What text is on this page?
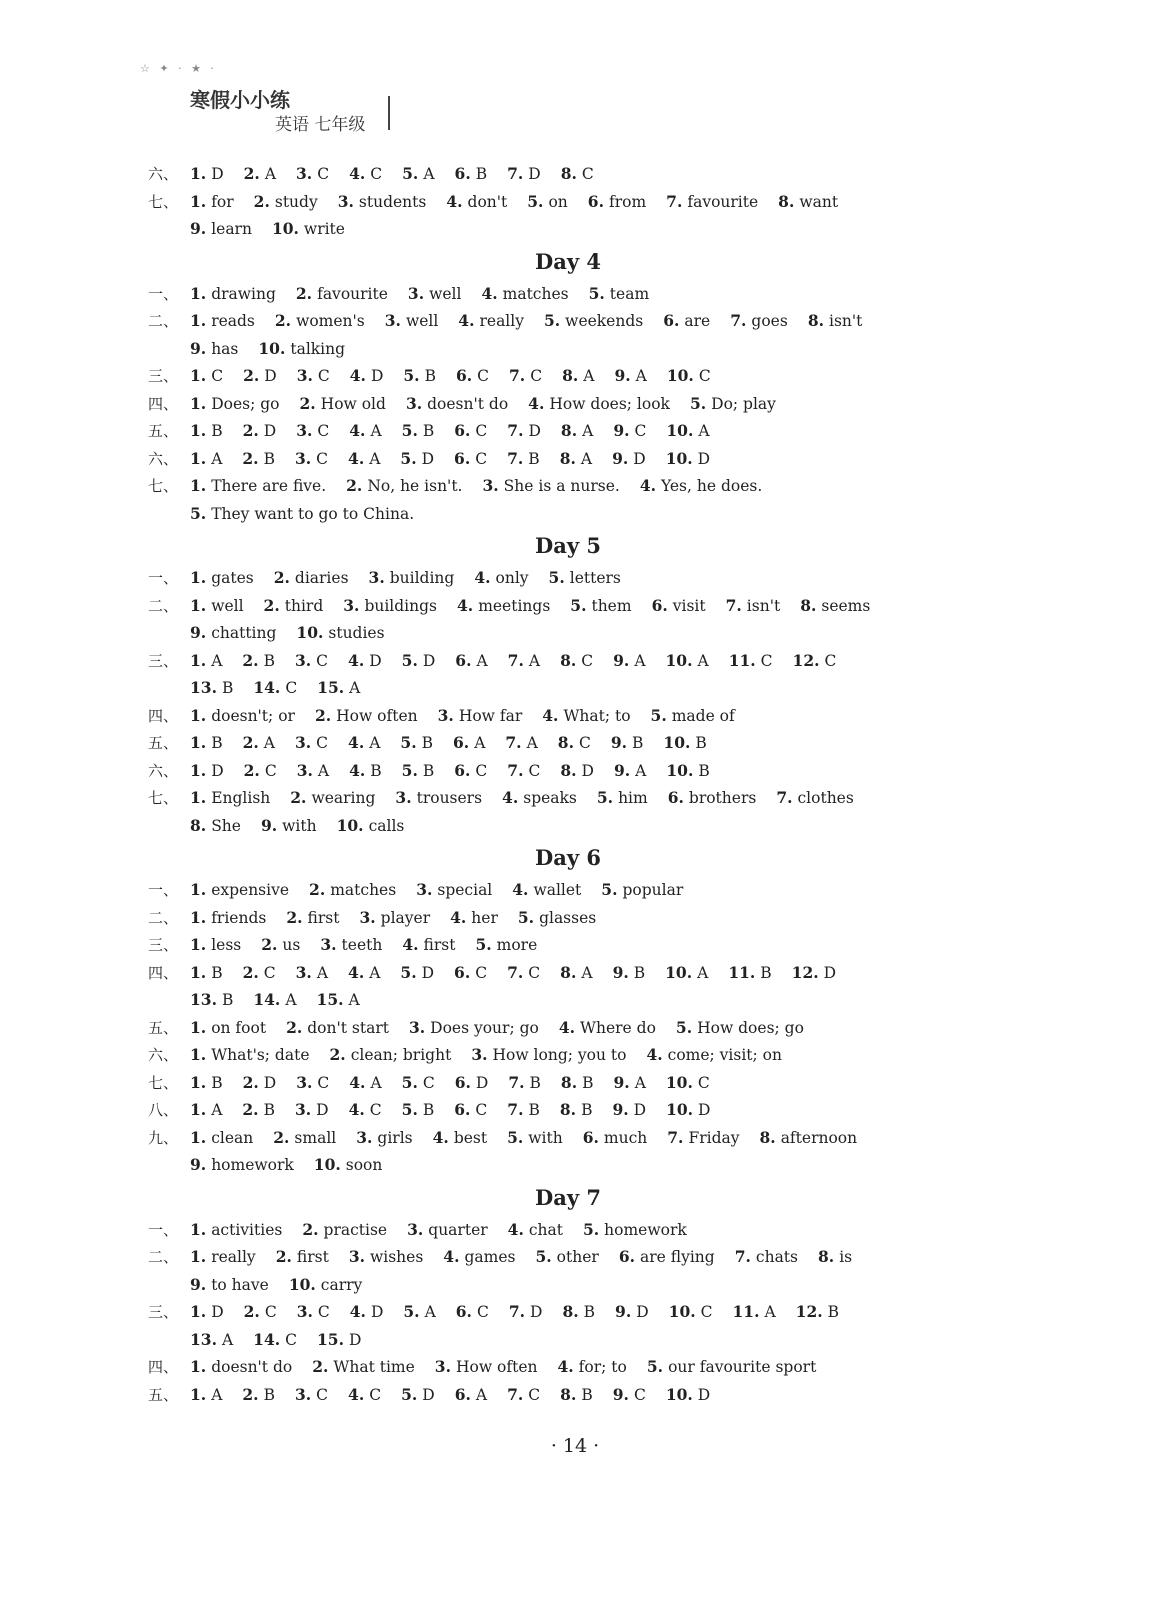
☆ ✦ · ★ ·
寒假小小练
英语 七年级
六、 1. D 2. A 3. C 4. C 5. A 6. B 7. D 8. C
七、 1. for 2. study 3. students 4. don't 5. on 6. from 7. favourite 8. want
9. learn 10. write
Day 4
一、 1. drawing 2. favourite 3. well 4. matches 5. team
二、 1. reads 2. women's 3. well 4. really 5. weekends 6. are 7. goes 8. isn't
9. has 10. talking
三、 1. C 2. D 3. C 4. D 5. B 6. C 7. C 8. A 9. A 10. C
四、 1. Does; go 2. How old 3. doesn't do 4. How does; look 5. Do; play
五、 1. B 2. D 3. C 4. A 5. B 6. C 7. D 8. A 9. C 10. A
六、 1. A 2. B 3. C 4. A 5. D 6. C 7. B 8. A 9. D 10. D
七、 1. There are five. 2. No, he isn't. 3. She is a nurse. 4. Yes, he does.
5. They want to go to China.
Day 5
一、 1. gates 2. diaries 3. building 4. only 5. letters
二、 1. well 2. third 3. buildings 4. meetings 5. them 6. visit 7. isn't 8. seems
9. chatting 10. studies
三、 1. A 2. B 3. C 4. D 5. D 6. A 7. A 8. C 9. A 10. A 11. C 12. C
13. B 14. C 15. A
四、 1. doesn't; or 2. How often 3. How far 4. What; to 5. made of
五、 1. B 2. A 3. C 4. A 5. B 6. A 7. A 8. C 9. B 10. B
六、 1. D 2. C 3. A 4. B 5. B 6. C 7. C 8. D 9. A 10. B
七、 1. English 2. wearing 3. trousers 4. speaks 5. him 6. brothers 7. clothes
8. She 9. with 10. calls
Day 6
一、 1. expensive 2. matches 3. special 4. wallet 5. popular
二、 1. friends 2. first 3. player 4. her 5. glasses
三、 1. less 2. us 3. teeth 4. first 5. more
四、 1. B 2. C 3. A 4. A 5. D 6. C 7. C 8. A 9. B 10. A 11. B 12. D
13. B 14. A 15. A
五、 1. on foot 2. don't start 3. Does your; go 4. Where do 5. How does; go
六、 1. What's; date 2. clean; bright 3. How long; you to 4. come; visit; on
七、 1. B 2. D 3. C 4. A 5. C 6. D 7. B 8. B 9. A 10. C
八、 1. A 2. B 3. D 4. C 5. B 6. C 7. B 8. B 9. D 10. D
九、 1. clean 2. small 3. girls 4. best 5. with 6. much 7. Friday 8. afternoon
9. homework 10. soon
Day 7
一、 1. activities 2. practise 3. quarter 4. chat 5. homework
二、 1. really 2. first 3. wishes 4. games 5. other 6. are flying 7. chats 8. is
9. to have 10. carry
三、 1. D 2. C 3. C 4. D 5. A 6. C 7. D 8. B 9. D 10. C 11. A 12. B
13. A 14. C 15. D
四、 1. doesn't do 2. What time 3. How often 4. for; to 5. our favourite sport
五、 1. A 2. B 3. C 4. C 5. D 6. A 7. C 8. B 9. C 10. D
· 14 ·
